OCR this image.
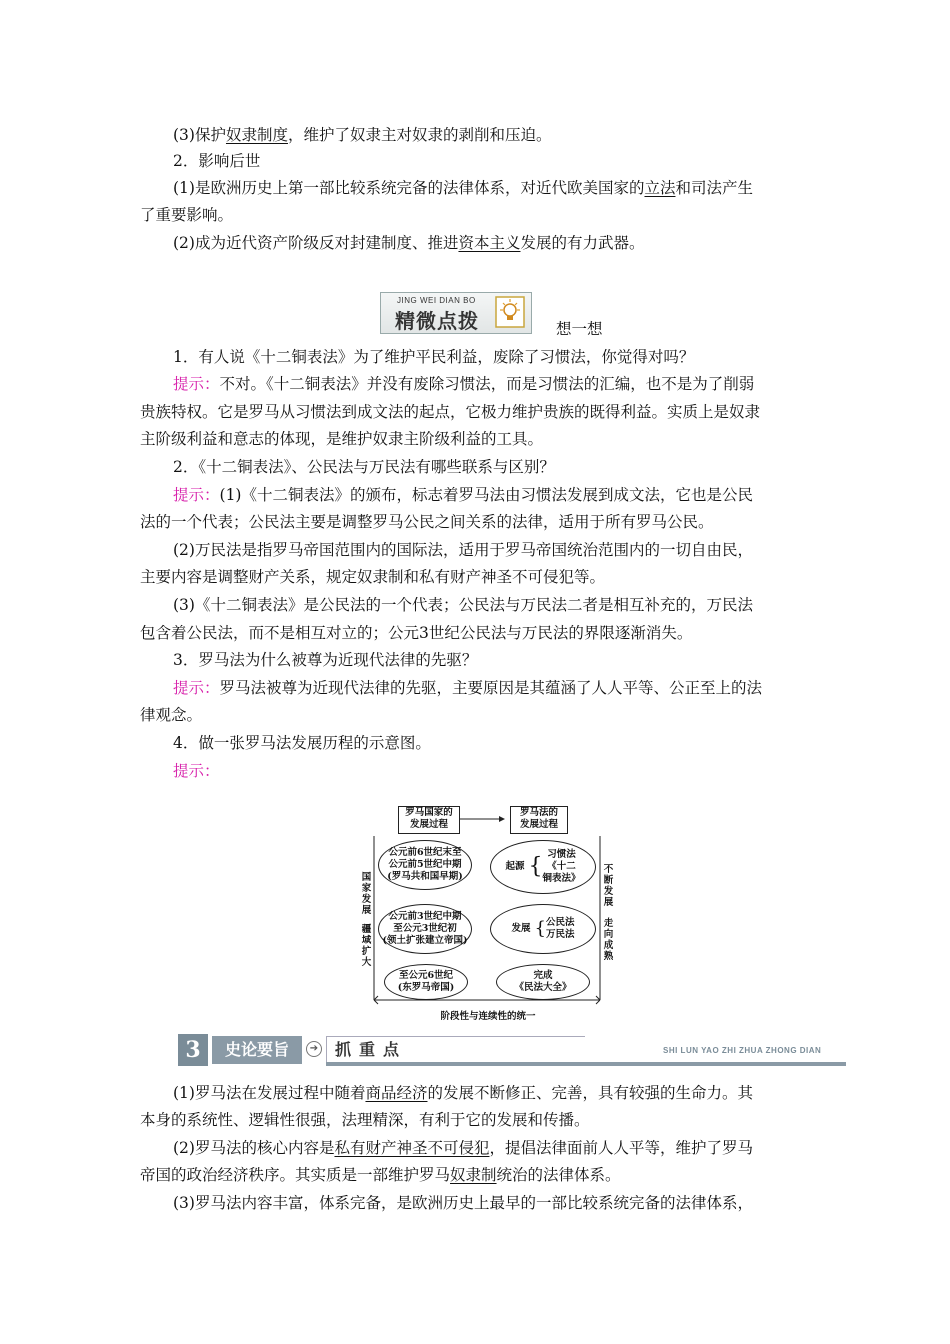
(3)保护奴隶制度，维护了奴隶主对奴隶的剥削和压迫。
2．影响后世
(1)是欧洲历史上第一部比较系统完备的法律体系，对近代欧美国家的立法和司法产生
了重要影响。
(2)成为近代资产阶级反对封建制度、推进资本主义发展的有力武器。
JING WEI DIAN BO
精微点拨	想一想
1．有人说《十二铜表法》为了维护平民利益，废除了习惯法，你觉得对吗？
提示：不对。《十二铜表法》并没有废除习惯法，而是习惯法的汇编，也不是为了削弱
贵族特权。它是罗马从习惯法到成文法的起点，它极力维护贵族的既得利益。实质上是奴隶
主阶级利益和意志的体现，是维护奴隶主阶级利益的工具。
2．《十二铜表法》、公民法与万民法有哪些联系与区别？
提示：(1)《十二铜表法》的颁布，标志着罗马法由习惯法发展到成文法，它也是公民
法的一个代表；公民法主要是调整罗马公民之间关系的法律，适用于所有罗马公民。
(2)万民法是指罗马帝国范围内的国际法，适用于罗马帝国统治范围内的一切自由民，
主要内容是调整财产关系，规定奴隶制和私有财产神圣不可侵犯等。
(3)《十二铜表法》是公民法的一个代表；公民法与万民法二者是相互补充的，万民法
包含着公民法，而不是相互对立的；公元3世纪公民法与万民法的界限逐渐消失。
3．罗马法为什么被尊为近现代法律的先驱？
提示：罗马法被尊为近现代法律的先驱，主要原因是其蕴涵了人人平等、公正至上的法
律观念。
4．做一张罗马法发展历程的示意图。
提示：
罗马国家的
发展过程
罗马法的
发展过程
公元前6世纪末至
公元前5世纪中期
(罗马共和国早期)
公元前3世纪中期
至公元3世纪初
(领土扩张建立帝国)
至公元6世纪
(东罗马帝国)
起源 { 习惯法
《十二
铜表法》
发展 { 公民法
万民法
完成
《民法大全》
国家发展
疆域扩大
不断发展
走向成熟
阶段性与连续性的统一
3	史论要旨	➔	抓重点	SHI LUN YAO ZHI ZHUA ZHONG DIAN
(1)罗马法在发展过程中随着商品经济的发展不断修正、完善，具有较强的生命力。其
本身的系统性、逻辑性很强，法理精深，有利于它的发展和传播。
(2)罗马法的核心内容是私有财产神圣不可侵犯，提倡法律面前人人平等，维护了罗马
帝国的政治经济秩序。其实质是一部维护罗马奴隶制统治的法律体系。
(3)罗马法内容丰富，体系完备，是欧洲历史上最早的一部比较系统完备的法律体系，
